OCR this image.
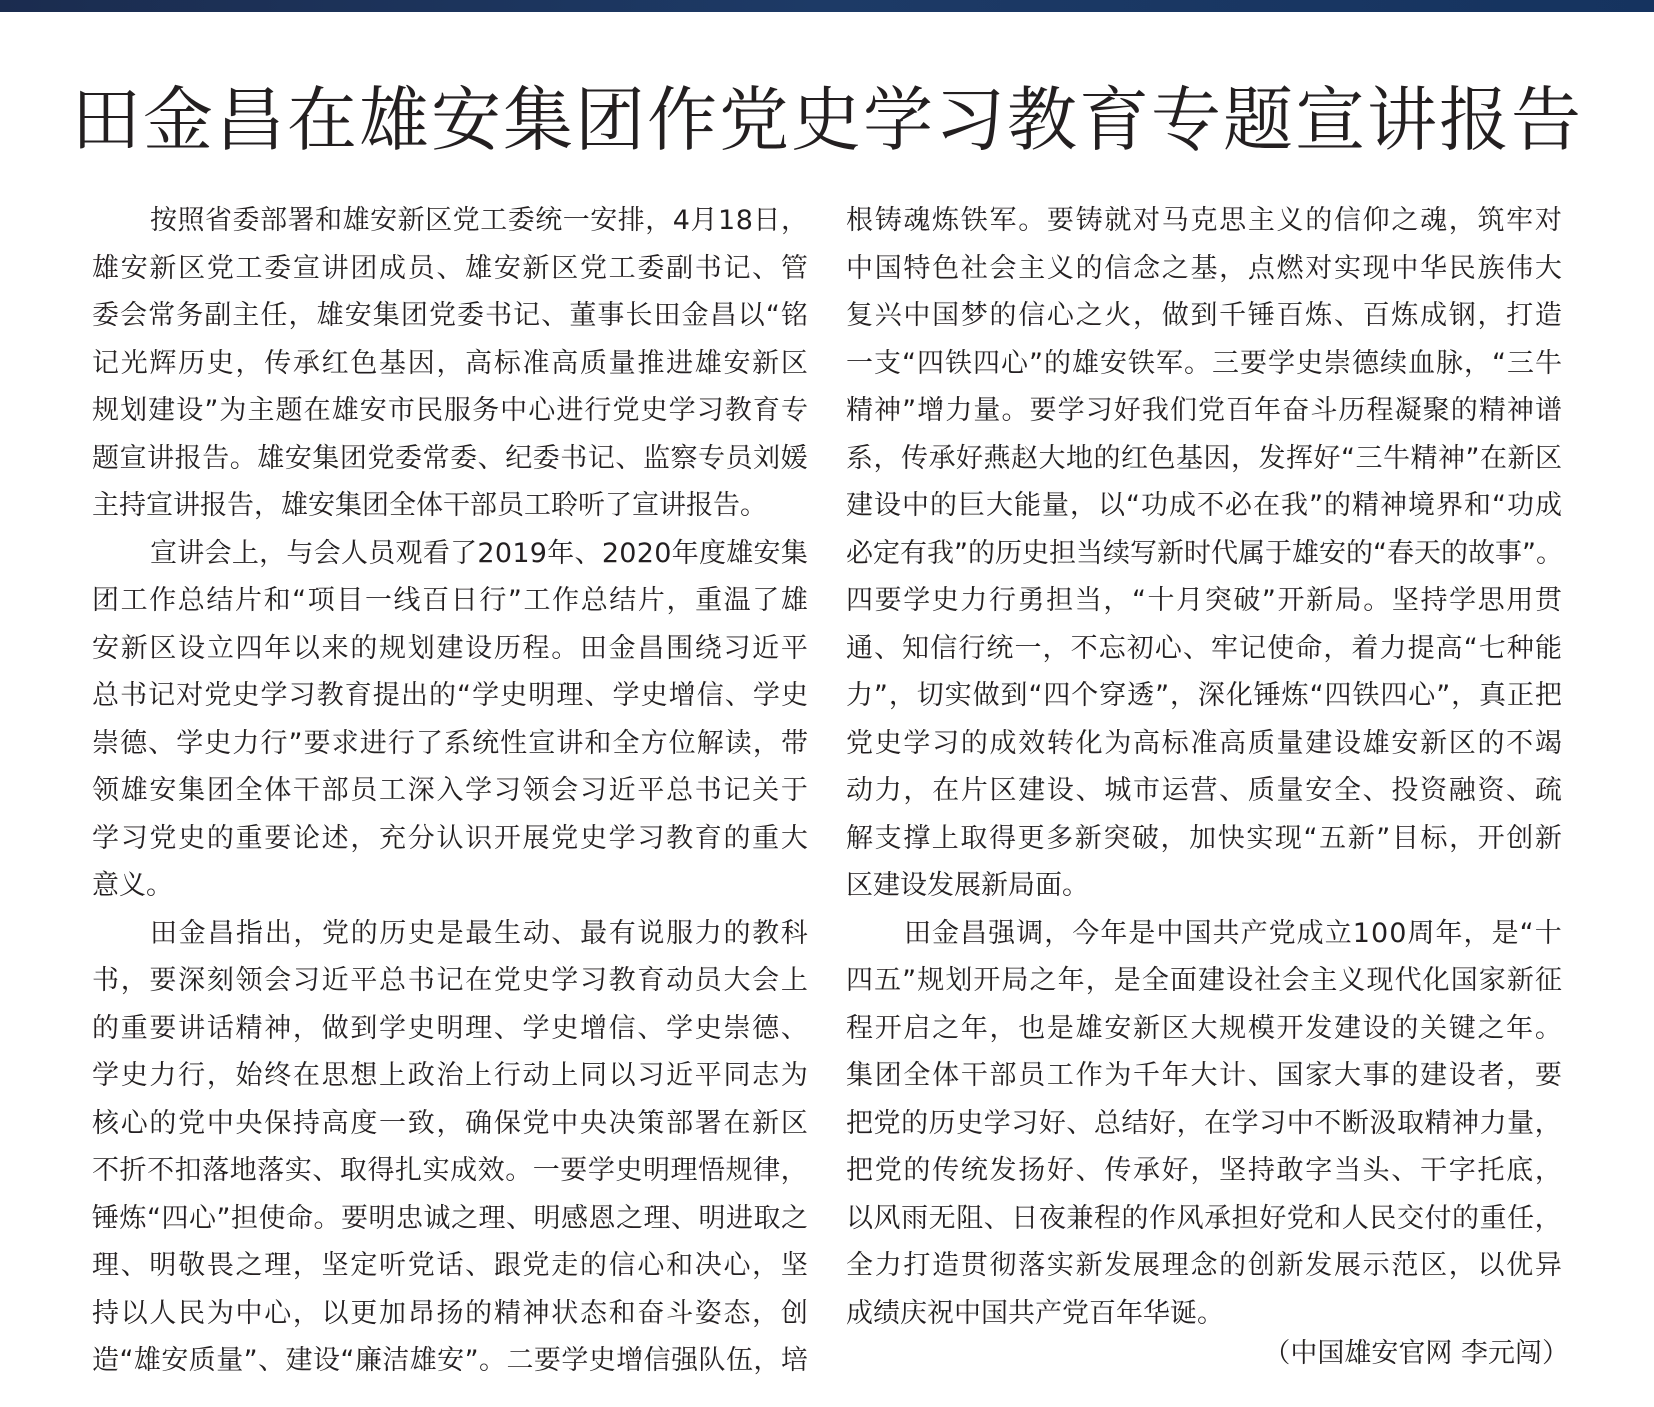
田金昌在雄安集团作党史学习教育专题宣讲报告
按 照 省 委 部 署 和 雄 安 新 区 党 工 委 统 一 安 排 ， 4 月 1 8 日 ，
雄 安 新 区 党 工 委 宣 讲 团 成 员 、 雄 安 新 区 党 工 委 副 书 记 、 管
委 会 常 务 副 主 任 ， 雄 安 集 团 党 委 书 记 、 董 事 长 田 金 昌 以 “ 铭
记 光 辉 历 史 ， 传 承 红 色 基 因 ， 高 标 准 高 质 量 推 进 雄 安 新 区
规 划 建 设 ” 为 主 题 在 雄 安 市 民 服 务 中 心 进 行 党 史 学 习 教 育 专
题 宣 讲 报 告 。 雄 安 集 团 党 委 常 委 、 纪 委 书 记 、 监 察 专 员 刘 媛
主 持 宣 讲 报 告 ， 雄 安 集 团 全 体 干 部 员 工 聆 听 了 宣 讲 报 告 。
宣 讲 会 上 ， 与 会 人 员 观 看 了 2 0 1 9 年 、 2 0 2 0 年 度 雄 安 集
团 工 作 总 结 片 和 “ 项 目 一 线 百 日 行 ” 工 作 总 结 片 ， 重 温 了 雄
安 新 区 设 立 四 年 以 来 的 规 划 建 设 历 程 。 田 金 昌 围 绕 习 近 平
总 书 记 对 党 史 学 习 教 育 提 出 的 “ 学 史 明 理 、 学 史 增 信 、 学 史
崇 德 、 学 史 力 行 ” 要 求 进 行 了 系 统 性 宣 讲 和 全 方 位 解 读 ， 带
领 雄 安 集 团 全 体 干 部 员 工 深 入 学 习 领 会 习 近 平 总 书 记 关 于
学 习 党 史 的 重 要 论 述 ， 充 分 认 识 开 展 党 史 学 习 教 育 的 重 大
意 义 。
田 金 昌 指 出 ， 党 的 历 史 是 最 生 动 、 最 有 说 服 力 的 教 科
书 ， 要 深 刻 领 会 习 近 平 总 书 记 在 党 史 学 习 教 育 动 员 大 会 上
的 重 要 讲 话 精 神 ， 做 到 学 史 明 理 、 学 史 增 信 、 学 史 崇 德 、
学 史 力 行 ， 始 终 在 思 想 上 政 治 上 行 动 上 同 以 习 近 平 同 志 为
核 心 的 党 中 央 保 持 高 度 一 致 ， 确 保 党 中 央 决 策 部 署 在 新 区
不 折 不 扣 落 地 落 实 、 取 得 扎 实 成 效 。 一 要 学 史 明 理 悟 规 律 ，
锤 炼 “ 四 心 ” 担 使 命 。 要 明 忠 诚 之 理 、 明 感 恩 之 理 、 明 进 取 之
理 、 明 敬 畏 之 理 ， 坚 定 听 党 话 、 跟 党 走 的 信 心 和 决 心 ， 坚
持 以 人 民 为 中 心 ， 以 更 加 昂 扬 的 精 神 状 态 和 奋 斗 姿 态 ， 创
造 “ 雄 安 质 量 ” 、 建 设 “ 廉 洁 雄 安 ” 。 二 要 学 史 增 信 强 队 伍 ， 培
根 铸 魂 炼 铁 军 。 要 铸 就 对 马 克 思 主 义 的 信 仰 之 魂 ， 筑 牢 对
中 国 特 色 社 会 主 义 的 信 念 之 基 ， 点 燃 对 实 现 中 华 民 族 伟 大
复 兴 中 国 梦 的 信 心 之 火 ， 做 到 千 锤 百 炼 、 百 炼 成 钢 ， 打 造
一 支 “ 四 铁 四 心 ” 的 雄 安 铁 军 。 三 要 学 史 崇 德 续 血 脉 ， “ 三 牛
精 神 ” 增 力 量 。 要 学 习 好 我 们 党 百 年 奋 斗 历 程 凝 聚 的 精 神 谱
系 ， 传 承 好 燕 赵 大 地 的 红 色 基 因 ， 发 挥 好 “ 三 牛 精 神 ” 在 新 区
建 设 中 的 巨 大 能 量 ， 以 “ 功 成 不 必 在 我 ” 的 精 神 境 界 和 “ 功 成
必 定 有 我 ” 的 历 史 担 当 续 写 新 时 代 属 于 雄 安 的 “ 春 天 的 故 事 ” 。
四 要 学 史 力 行 勇 担 当 ， “ 十 月 突 破 ” 开 新 局 。 坚 持 学 思 用 贯
通 、 知 信 行 统 一 ， 不 忘 初 心 、 牢 记 使 命 ， 着 力 提 高 “ 七 种 能
力 ” ， 切 实 做 到 “ 四 个 穿 透 ” ， 深 化 锤 炼 “ 四 铁 四 心 ” ， 真 正 把
党 史 学 习 的 成 效 转 化 为 高 标 准 高 质 量 建 设 雄 安 新 区 的 不 竭
动 力 ， 在 片 区 建 设 、 城 市 运 营 、 质 量 安 全 、 投 资 融 资 、 疏
解 支 撑 上 取 得 更 多 新 突 破 ， 加 快 实 现 “ 五 新 ” 目 标 ， 开 创 新
区 建 设 发 展 新 局 面 。
田 金 昌 强 调 ， 今 年 是 中 国 共 产 党 成 立 1 0 0 周 年 ， 是 “ 十
四 五 ” 规 划 开 局 之 年 ， 是 全 面 建 设 社 会 主 义 现 代 化 国 家 新 征
程 开 启 之 年 ， 也 是 雄 安 新 区 大 规 模 开 发 建 设 的 关 键 之 年 。
集 团 全 体 干 部 员 工 作 为 千 年 大 计 、 国 家 大 事 的 建 设 者 ， 要
把 党 的 历 史 学 习 好 、 总 结 好 ， 在 学 习 中 不 断 汲 取 精 神 力 量 ，
把 党 的 传 统 发 扬 好 、 传 承 好 ， 坚 持 敢 字 当 头 、 干 字 托 底 ，
以 风 雨 无 阻 、 日 夜 兼 程 的 作 风 承 担 好 党 和 人 民 交 付 的 重 任 ，
全 力 打 造 贯 彻 落 实 新 发 展 理 念 的 创 新 发 展 示 范 区 ， 以 优 异
成 绩 庆 祝 中 国 共 产 党 百 年 华 诞 。
（中国雄安官网 李元闯）
